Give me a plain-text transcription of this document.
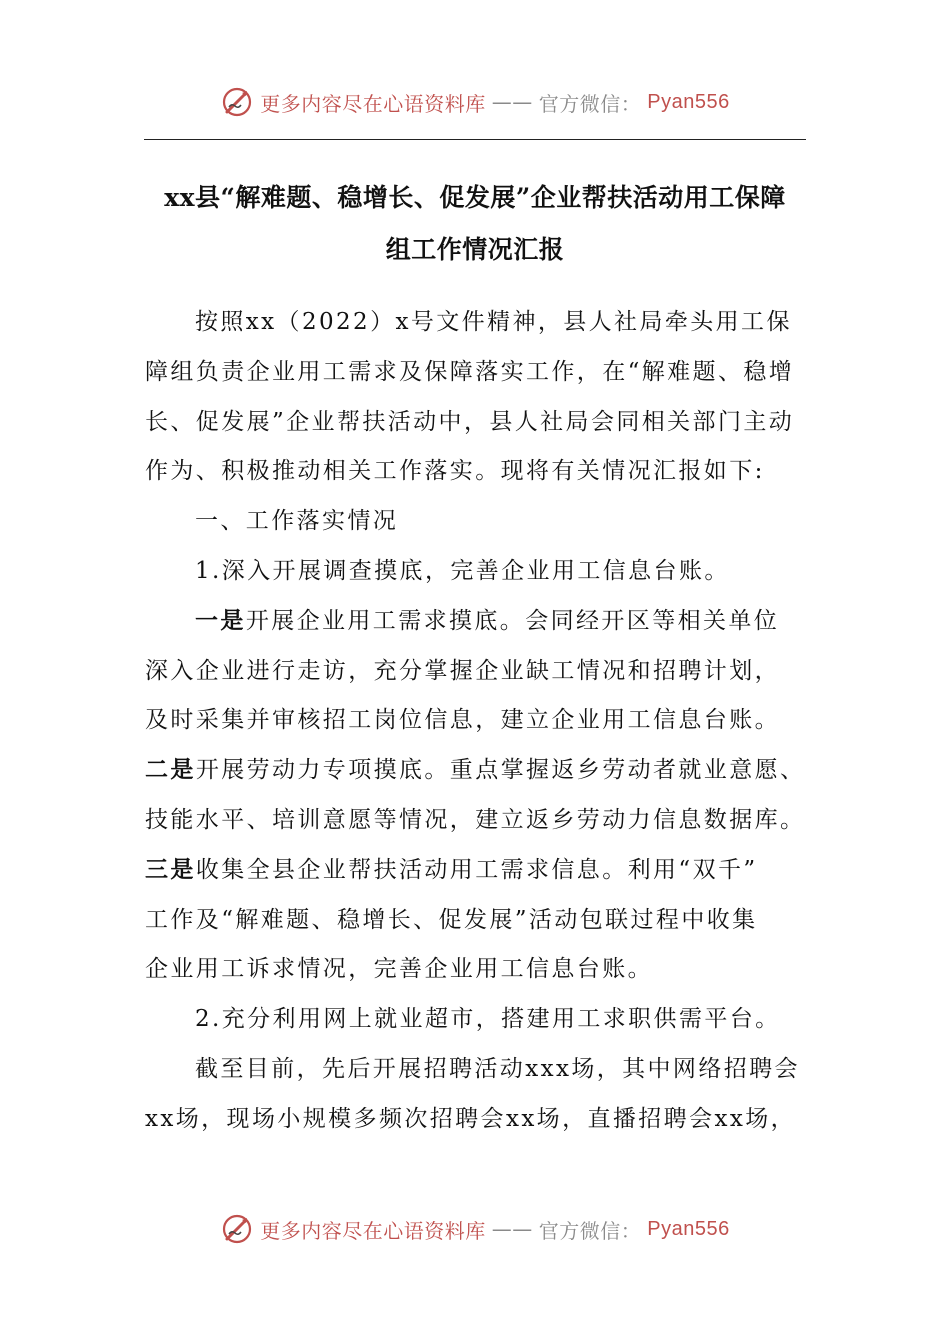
更多内容尽在心语资料库 —— 官方微信： Pyan556
xx县“解难题、稳增长、促发展”企业帮扶活动用工保障
组工作情况汇报

按照xx（2022）x号文件精神，县人社局牵头用工保障组负责企业用工需求及保障落实工作，在“解难题、稳增长、促发展”企业帮扶活动中，县人社局会同相关部门主动作为、积极推动相关工作落实。现将有关情况汇报如下:

一、工作落实情况

1.深入开展调查摸底，完善企业用工信息台账。

一是开展企业用工需求摸底。会同经开区等相关单位

深入企业进行走访，充分掌握企业缺工情况和招聘计划，

及时采集并审核招工岗位信息，建立企业用工信息台账。

二是开展劳动力专项摸底。重点掌握返乡劳动者就业意愿、

技能水平、培训意愿等情况，建立返乡劳动力信息数据库。

三是收集全县企业帮扶活动用工需求信息。利用“双千”

工作及“解难题、稳增长、促发展”活动包联过程中收集

企业用工诉求情况，完善企业用工信息台账。

2.充分利用网上就业超市，搭建用工求职供需平台。

截至目前，先后开展招聘活动xxx场，其中网络招聘会xx场，现场小规模多频次招聘会xx场，直播招聘会xx场，

更多内容尽在心语资料库 —— 官方微信： Pyan556
